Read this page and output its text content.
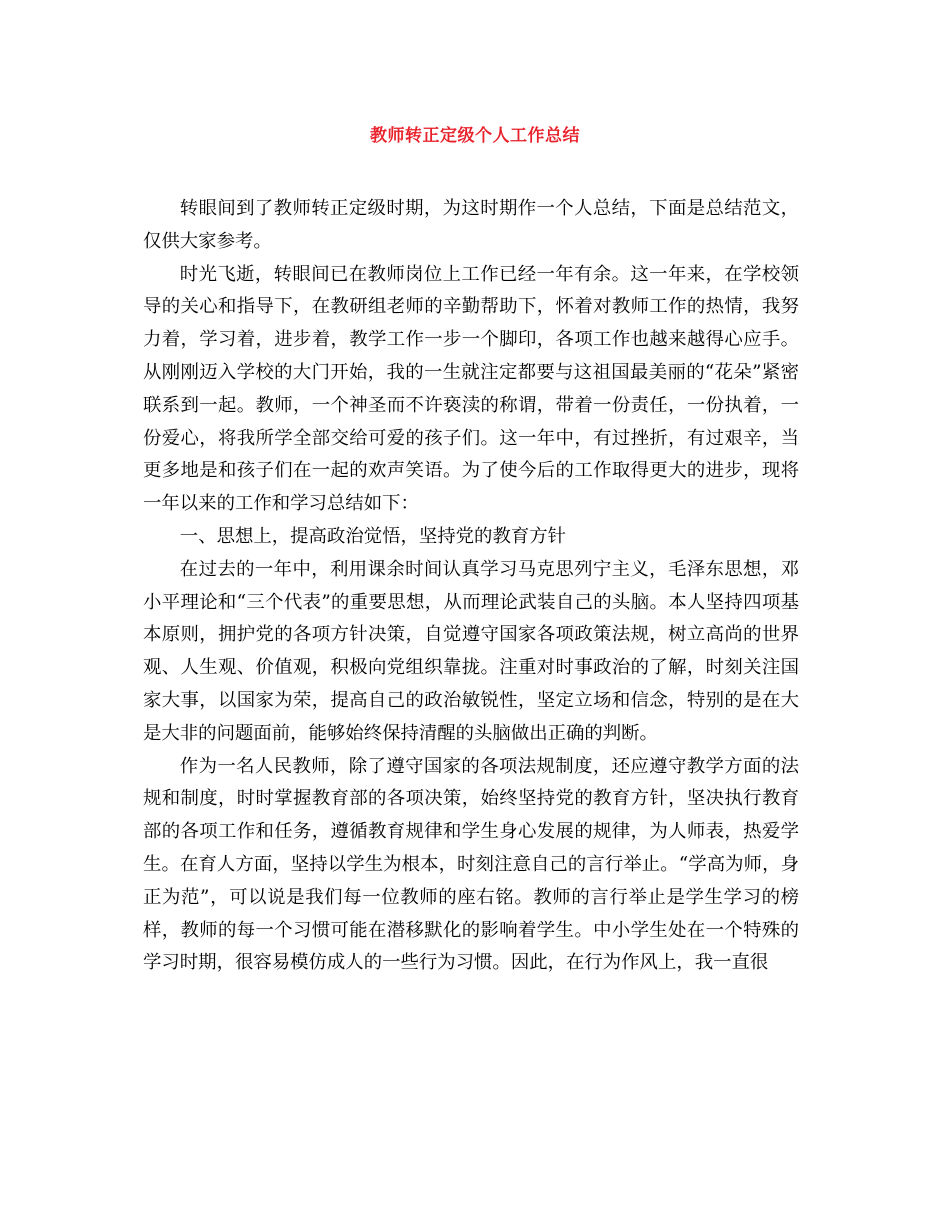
教师转正定级个人工作总结

转眼间到了教师转正定级时期，为这时期作一个人总结，下面是总结范文，仅供大家参考。

时光飞逝，转眼间已在教师岗位上工作已经一年有余。这一年来，在学校领导的关心和指导下，在教研组老师的辛勤帮助下，怀着对教师工作的热情，我努力着，学习着，进步着，教学工作一步一个脚印，各项工作也越来越得心应手。从刚刚迈入学校的大门开始，我的一生就注定都要与这祖国最美丽的“花朵”紧密联系到一起。教师，一个神圣而不许亵渎的称谓，带着一份责任，一份执着，一份爱心，将我所学全部交给可爱的孩子们。这一年中，有过挫折，有过艰辛，当更多地是和孩子们在一起的欢声笑语。为了使今后的工作取得更大的进步，现将一年以来的工作和学习总结如下：

一、思想上，提高政治觉悟，坚持党的教育方针

在过去的一年中，利用课余时间认真学习马克思列宁主义，毛泽东思想，邓小平理论和“三个代表”的重要思想，从而理论武装自己的头脑。本人坚持四项基本原则，拥护党的各项方针决策，自觉遵守国家各项政策法规，树立高尚的世界观、人生观、价值观，积极向党组织靠拢。注重对时事政治的了解，时刻关注国家大事，以国家为荣，提高自己的政治敏锐性，坚定立场和信念，特别的是在大是大非的问题面前，能够始终保持清醒的头脑做出正确的判断。

作为一名人民教师，除了遵守国家的各项法规制度，还应遵守教学方面的法规和制度，时时掌握教育部的各项决策，始终坚持党的教育方针，坚决执行教育部的各项工作和任务，遵循教育规律和学生身心发展的规律，为人师表，热爱学生。在育人方面，坚持以学生为根本，时刻注意自己的言行举止。“学高为师，身正为范”，可以说是我们每一位教师的座右铭。教师的言行举止是学生学习的榜样，教师的每一个习惯可能在潜移默化的影响着学生。中小学生处在一个特殊的学习时期，很容易模仿成人的一些行为习惯。因此，在行为作风上，我一直很
